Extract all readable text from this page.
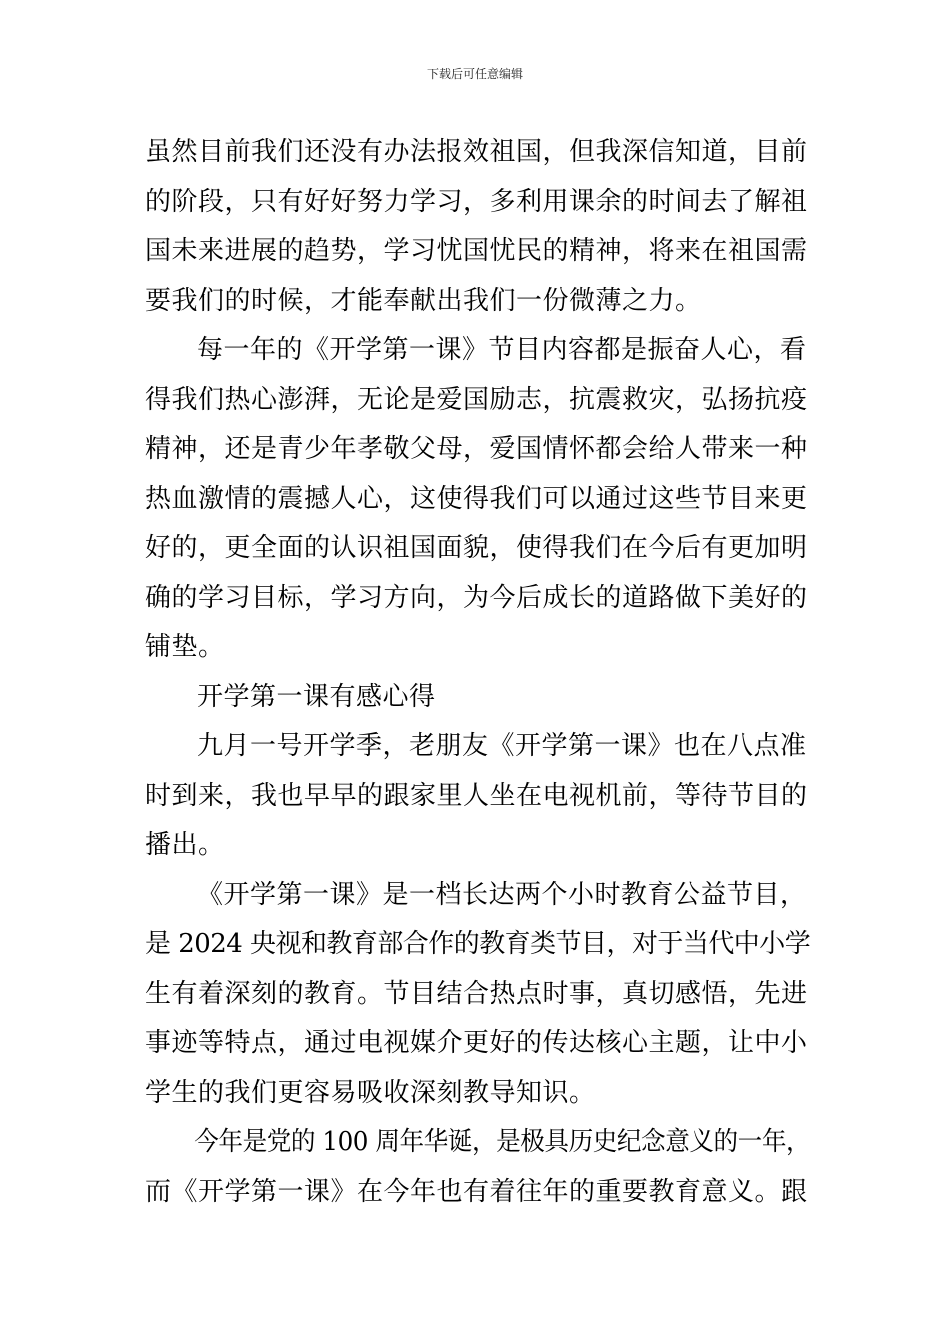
下载后可任意编辑
虽然目前我们还没有办法报效祖国，但我深信知道，目前
的阶段，只有好好努力学习，多利用课余的时间去了解祖
国未来进展的趋势，学习忧国忧民的精神，将来在祖国需
要我们的时候，才能奉献出我们一份微薄之力。
每一年的《开学第一课》节目内容都是振奋人心，看
得我们热心澎湃，无论是爱国励志，抗震救灾，弘扬抗疫
精神，还是青少年孝敬父母，爱国情怀都会给人带来一种
热血激情的震撼人心，这使得我们可以通过这些节目来更
好的，更全面的认识祖国面貌，使得我们在今后有更加明
确的学习目标，学习方向，为今后成长的道路做下美好的
铺垫。
开学第一课有感心得
九月一号开学季，老朋友《开学第一课》也在八点准
时到来，我也早早的跟家里人坐在电视机前，等待节目的
播出。
《开学第一课》是一档长达两个小时教育公益节目，
是 2024 央视和教育部合作的教育类节目，对于当代中小学
生有着深刻的教育。节目结合热点时事，真切感悟，先进
事迹等特点，通过电视媒介更好的传达核心主题，让中小
学生的我们更容易吸收深刻教导知识。
今年是党的 100 周年华诞，是极具历史纪念意义的一年，
而《开学第一课》在今年也有着往年的重要教育意义。跟
